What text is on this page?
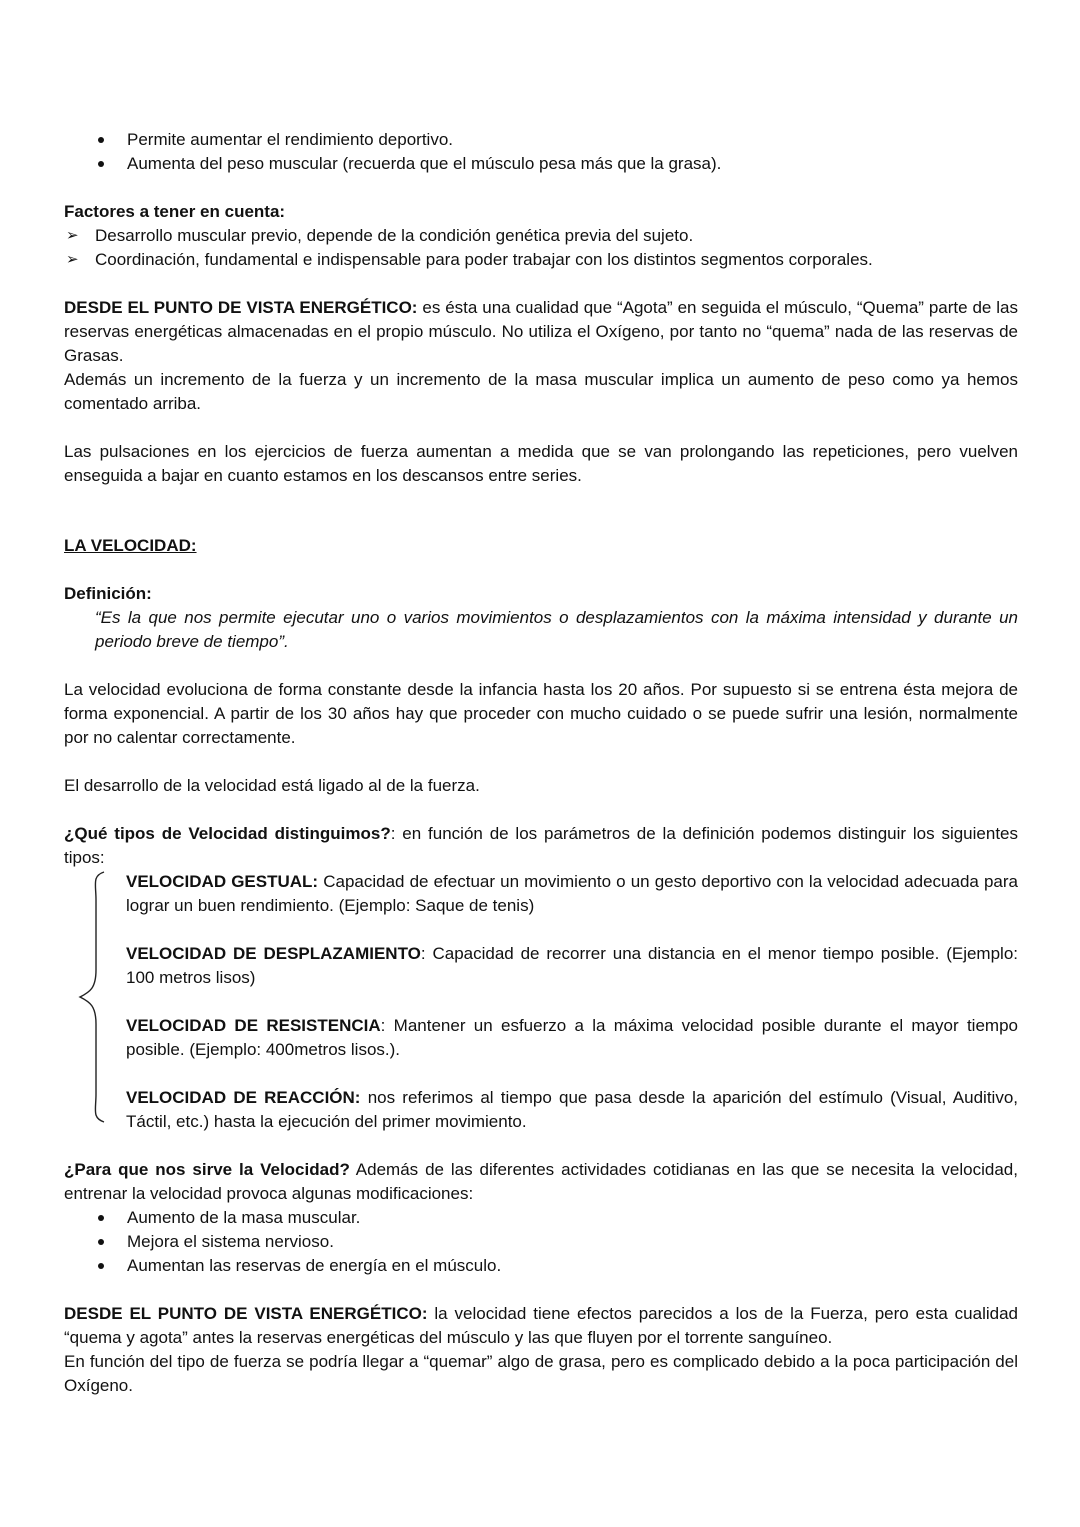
Permite aumentar el rendimiento deportivo.
Aumenta del peso muscular (recuerda que el músculo pesa más que la grasa).

Factores a tener en cuenta:

➢ Desarrollo muscular previo, depende de la condición genética previa del sujeto.
➢ Coordinación, fundamental e indispensable para poder trabajar con los distintos segmentos corporales.

DESDE EL PUNTO DE VISTA ENERGÉTICO: es ésta una cualidad que “Agota” en seguida el músculo, “Quema” parte de las reservas energéticas almacenadas en el propio músculo. No utiliza el Oxígeno, por tanto no “quema” nada de las reservas de Grasas.

Además un incremento de la fuerza y un incremento de la masa muscular implica un aumento de peso como ya hemos comentado arriba.

Las pulsaciones en los ejercicios de fuerza aumentan a medida que se van prolongando las repeticiones, pero vuelven enseguida a bajar en cuanto estamos en los descansos entre series.

LA VELOCIDAD:

Definición:

“Es la que nos permite ejecutar uno o varios movimientos o desplazamientos con la máxima intensidad y durante un periodo breve de tiempo”.

La velocidad evoluciona de forma constante desde la infancia hasta los 20 años. Por supuesto si se entrena ésta mejora de forma exponencial. A partir de los 30 años hay que proceder con mucho cuidado o se puede sufrir una lesión, normalmente por no calentar correctamente.

El desarrollo de la velocidad está ligado al de la fuerza.

¿Qué tipos de Velocidad distinguimos?: en función de los parámetros de la definición podemos distinguir los siguientes tipos:

VELOCIDAD GESTUAL: Capacidad de efectuar un movimiento o un gesto deportivo con la velocidad adecuada para lograr un buen rendimiento. (Ejemplo: Saque de tenis)

VELOCIDAD DE DESPLAZAMIENTO: Capacidad de recorrer una distancia en el menor tiempo posible. (Ejemplo: 100 metros lisos)

VELOCIDAD DE RESISTENCIA: Mantener un esfuerzo a la máxima velocidad posible durante el mayor tiempo posible. (Ejemplo: 400metros lisos.).

VELOCIDAD DE REACCIÓN: nos referimos al tiempo que pasa desde la aparición del estímulo (Visual, Auditivo, Táctil, etc.) hasta la ejecución del primer movimiento.

¿Para que nos sirve la Velocidad? Además de las diferentes actividades cotidianas en las que se necesita la velocidad, entrenar la velocidad provoca algunas modificaciones:

Aumento de la masa muscular.
Mejora el sistema nervioso.
Aumentan las reservas de energía en el músculo.

DESDE EL PUNTO DE VISTA ENERGÉTICO: la velocidad tiene efectos parecidos a los de la Fuerza, pero esta cualidad “quema y agota” antes la reservas energéticas del músculo y las que fluyen por el torrente sanguíneo.

En función del tipo de fuerza se podría llegar a “quemar” algo de grasa, pero es complicado debido a la poca participación del Oxígeno.
